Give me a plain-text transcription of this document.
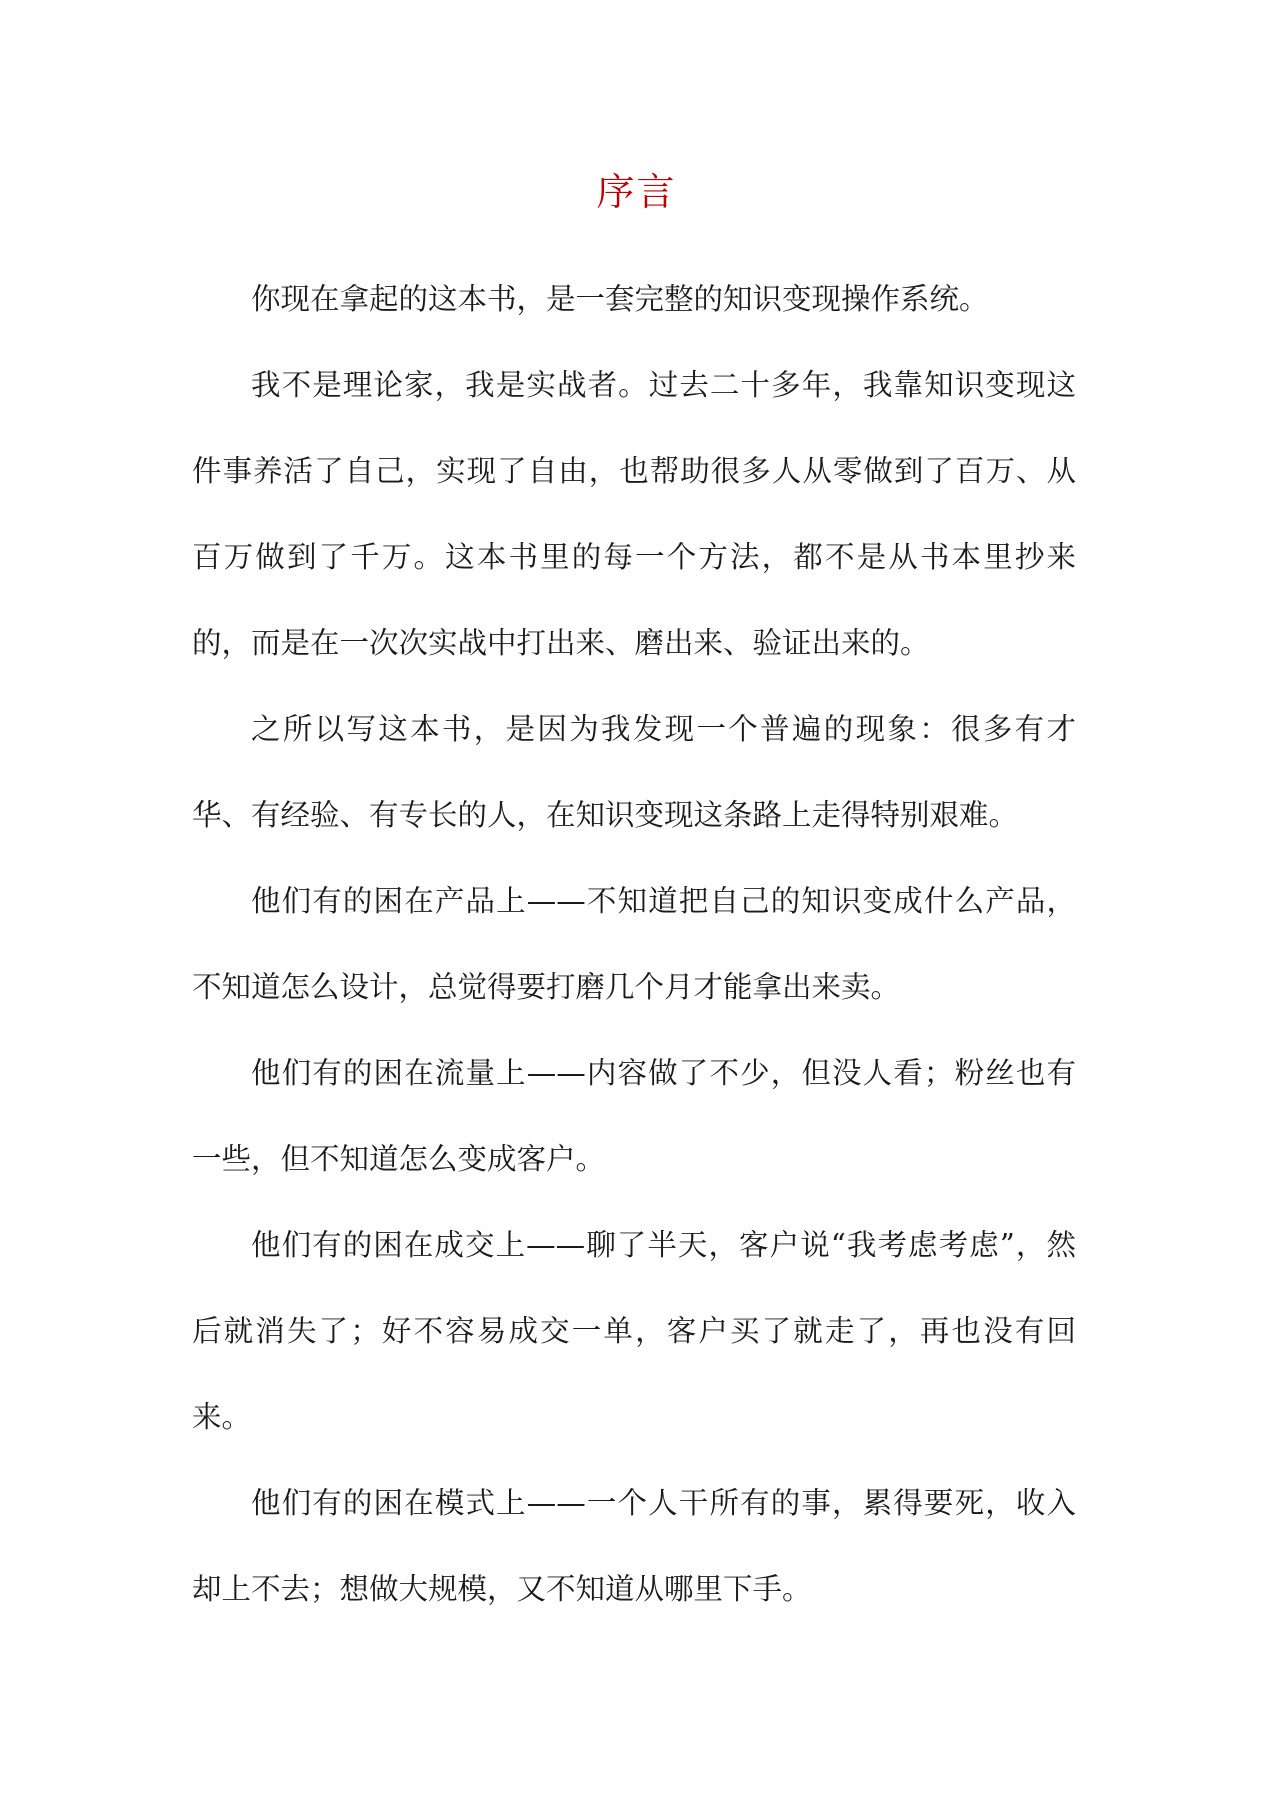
序言

你现在拿起的这本书，是一套完整的知识变现操作系统。

我不是理论家，我是实战者。过去二十多年，我靠知识变现这件事养活了自己，实现了自由，也帮助很多人从零做到了百万、从百万做到了千万。这本书里的每一个方法，都不是从书本里抄来的，而是在一次次实战中打出来、磨出来、验证出来的。

之所以写这本书，是因为我发现一个普遍的现象：很多有才华、有经验、有专长的人，在知识变现这条路上走得特别艰难。

他们有的困在产品上——不知道把自己的知识变成什么产品，不知道怎么设计，总觉得要打磨几个月才能拿出来卖。

他们有的困在流量上——内容做了不少，但没人看；粉丝也有一些，但不知道怎么变成客户。

他们有的困在成交上——聊了半天，客户说“我考虑考虑”，然后就消失了；好不容易成交一单，客户买了就走了，再也没有回来。

他们有的困在模式上——一个人干所有的事，累得要死，收入却上不去；想做大规模，又不知道从哪里下手。
